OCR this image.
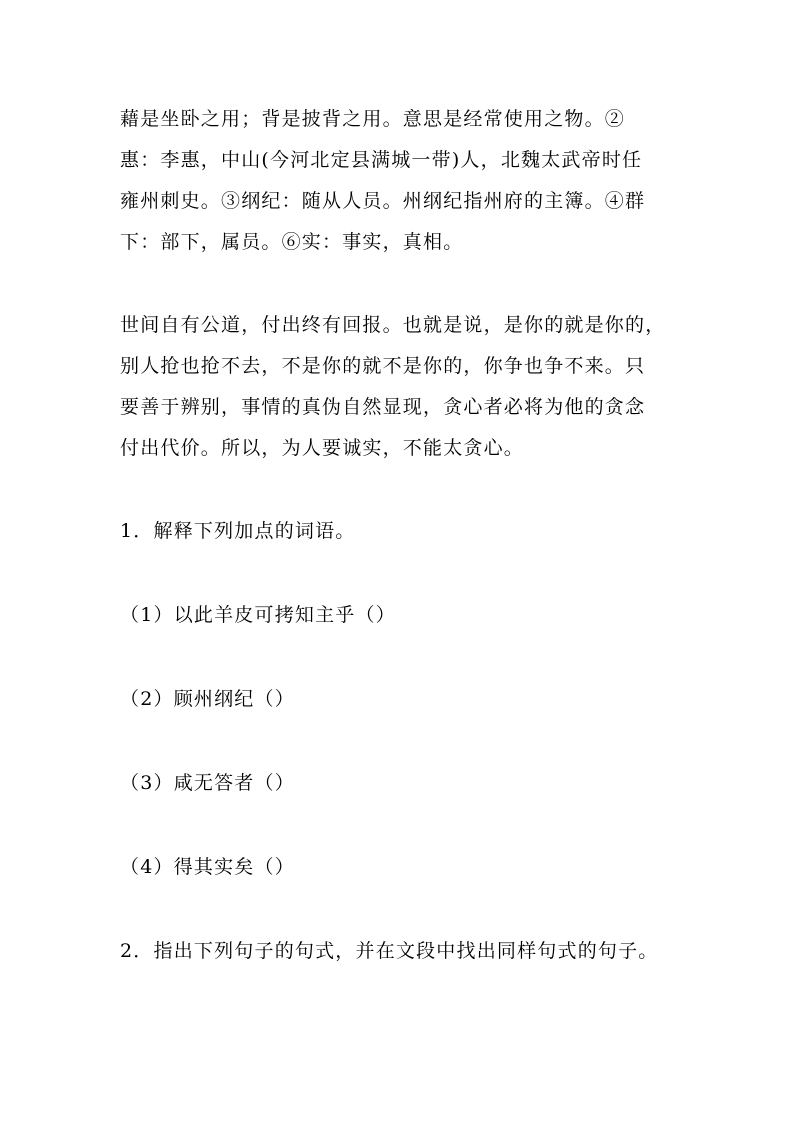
藉是坐卧之用；背是披背之用。意思是经常使用之物。②
惠：李惠，中山(今河北定县满城一带)人，北魏太武帝时任
雍州刺史。③纲纪：随从人员。州纲纪指州府的主簿。④群
下：部下，属员。⑥实：事实，真相。
世间自有公道，付出终有回报。也就是说，是你的就是你的，
别人抢也抢不去，不是你的就不是你的，你争也争不来。只
要善于辨别，事情的真伪自然显现，贪心者必将为他的贪念
付出代价。所以，为人要诚实，不能太贪心。
1．解释下列加点的词语。
（1）以此羊皮可拷知主乎（）
（2）顾州纲纪（）
（3）咸无答者（）
（4）得其实矣（）
2．指出下列句子的句式，并在文段中找出同样句式的句子。
